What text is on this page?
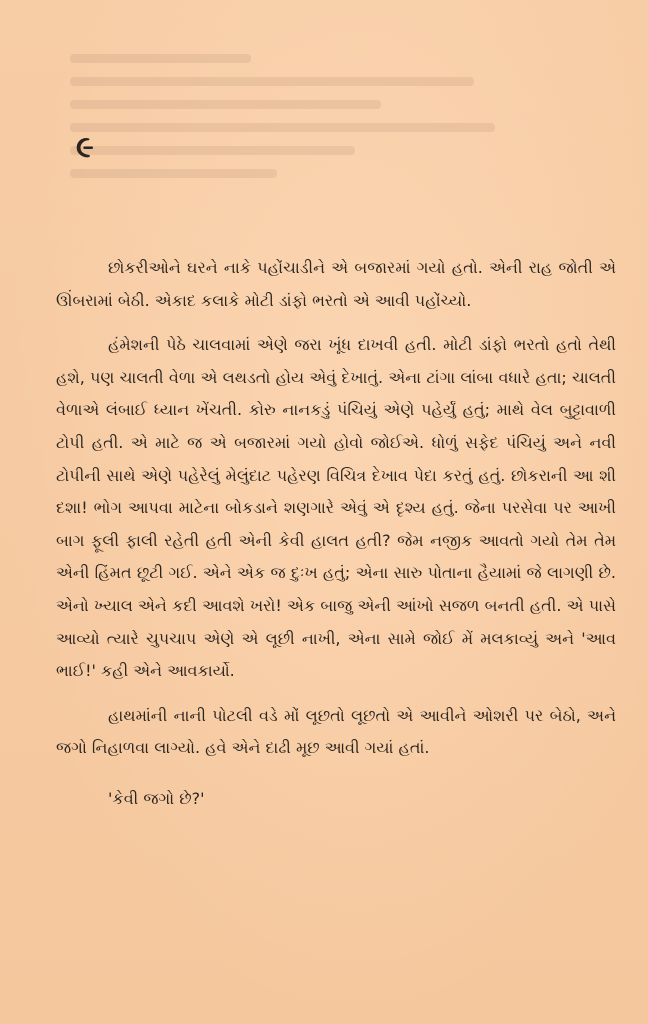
૯

છોકરીઓને ઘરને નાકે પહોંચાડીને એ બજારમાં ગયો હતો. એની રાહ જોતી એ ઊંબરામાં બેઠી. એકાદ કલાકે મોટી ડાંફો ભરતો એ આવી પહોંચ્યો.

હંમેશની પેઠે ચાલવામાં એણે જરા ખૂંધ દાખવી હતી. મોટી ડાંફો ભરતો હતો તેથી હશે, પણ ચાલતી વેળા એ લથડતો હોય એવું દેખાતું. એના ટાંગા લાંબા વધારે હતા; ચાલતી વેળાએ લંબાઈ ધ્યાન ખેંચતી. કોરુ નાનકડું પંચિયું એણે પહેર્યું હતું; માથે વેલ બુટ્ટાવાળી ટોપી હતી. એ માટે જ એ બજારમાં ગયો હોવો જોઈએ. ધોળું સફેદ પંચિયું અને નવી ટોપીની સાથે એણે પહેરેલું મેલુંદાટ પહેરણ વિચિત્ર દેખાવ પેદા કરતું હતું. છોકરાની આ શી દશા! ભોગ આપવા માટેના બોકડાને શણગારે એવું એ દૃશ્ય હતું. જેના પરસેવા પર આખી બાગ ફૂલી ફાલી રહેતી હતી એની કેવી હાલત હતી? જેમ નજીક આવતો ગયો તેમ તેમ એની હિંમત છૂટી ગઈ. એને એક જ દુઃખ હતું; એના સારુ પોતાના હૈયામાં જે લાગણી છે. એનો ખ્યાલ એને કદી આવશે ખરો! એક બાજુ એની આંખો સજળ બનતી હતી. એ પાસે આવ્યો ત્યારે ચુપચાપ એણે એ લૂછી નાખી, એના સામે જોઈ મેં મલકાવ્યું અને 'આવ ભાઈ!' કહી એને આવકાર્યો.

હાથમાંની નાની પોટલી વડે મોં લૂછતો લૂછતો એ આવીને ઓશરી પર બેઠો, અને જગો નિહાળવા લાગ્યો. હવે એને દાઢી મૂછ આવી ગયાં હતાં.

'કેવી જગો છે?'
